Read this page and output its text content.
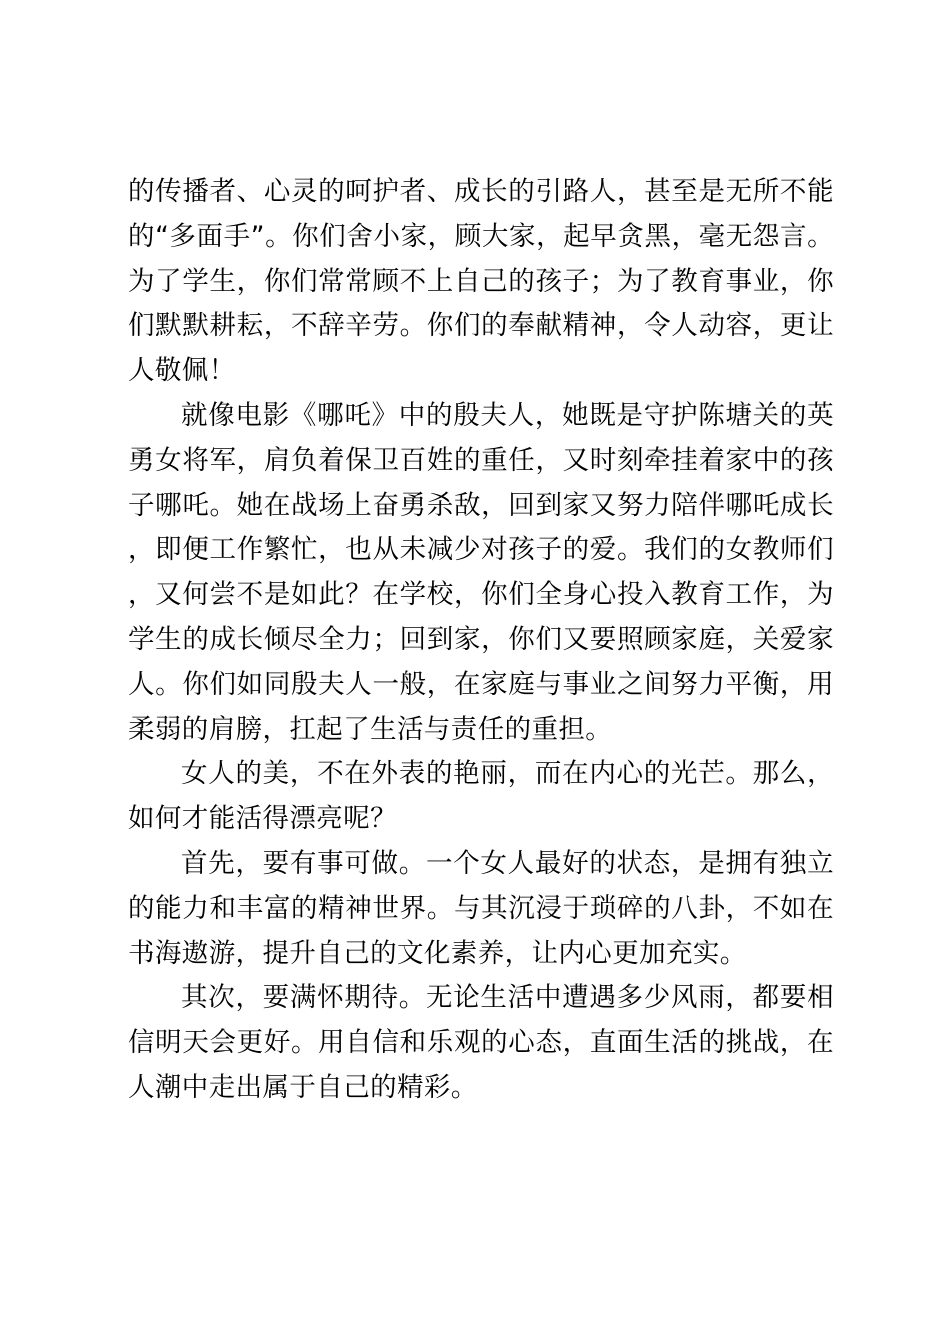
的传播者、心灵的呵护者、成长的引路人，甚至是无所不能的“多面手”。你们舍小家，顾大家，起早贪黑，毫无怨言。为了学生，你们常常顾不上自己的孩子；为了教育事业，你们默默耕耘，不辞辛劳。你们的奉献精神，令人动容，更让人敬佩！

就像电影《哪吒》中的殷夫人，她既是守护陈塘关的英勇女将军，肩负着保卫百姓的重任，又时刻牵挂着家中的孩子哪吒。她在战场上奋勇杀敌，回到家又努力陪伴哪吒成长，即便工作繁忙，也从未减少对孩子的爱。我们的女教师们，又何尝不是如此？在学校，你们全身心投入教育工作，为学生的成长倾尽全力；回到家，你们又要照顾家庭，关爱家人。你们如同殷夫人一般，在家庭与事业之间努力平衡，用柔弱的肩膀，扛起了生活与责任的重担。

女人的美，不在外表的艳丽，而在内心的光芒。那么，如何才能活得漂亮呢？

首先，要有事可做。一个女人最好的状态，是拥有独立的能力和丰富的精神世界。与其沉浸于琐碎的八卦，不如在书海遨游，提升自己的文化素养，让内心更加充实。

其次，要满怀期待。无论生活中遭遇多少风雨，都要相信明天会更好。用自信和乐观的心态，直面生活的挑战，在人潮中走出属于自己的精彩。
